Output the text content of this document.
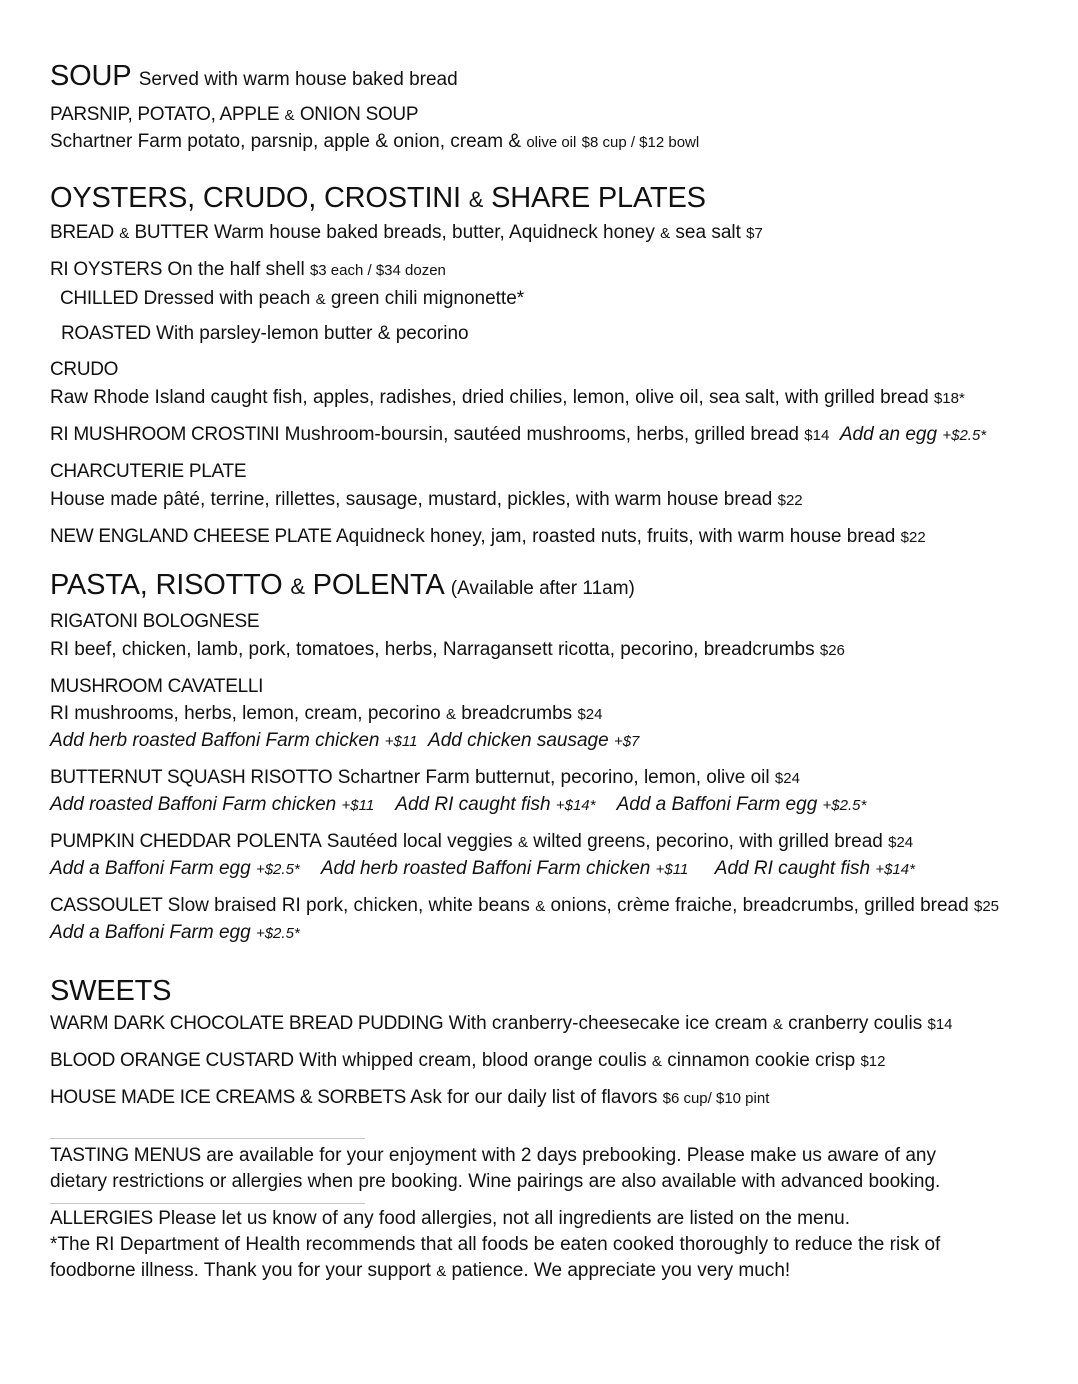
SOUP Served with warm house baked bread
PARSNIP, POTATO, APPLE & ONION SOUP
Schartner Farm potato, parsnip, apple & onion, cream & olive oil $8 cup / $12 bowl
OYSTERS, CRUDO, CROSTINI & SHARE PLATES
BREAD & BUTTER Warm house baked breads, butter, Aquidneck honey & sea salt $7
RI OYSTERS On the half shell $3 each / $34 dozen
CHILLED Dressed with peach & green chili mignonette*
ROASTED With parsley-lemon butter & pecorino
CRUDO
Raw Rhode Island caught fish, apples, radishes, dried chilies, lemon, olive oil, sea salt, with grilled bread $18*
RI MUSHROOM CROSTINI Mushroom-boursin, sautéed mushrooms, herbs, grilled bread $14 Add an egg +$2.5*
CHARCUTERIE PLATE
House made pâté, terrine, rillettes, sausage, mustard, pickles, with warm house bread $22
NEW ENGLAND CHEESE PLATE Aquidneck honey, jam, roasted nuts, fruits, with warm house bread $22
PASTA, RISOTTO & POLENTA (Available after 11am)
RIGATONI BOLOGNESE
RI beef, chicken, lamb, pork, tomatoes, herbs, Narragansett ricotta, pecorino, breadcrumbs $26
MUSHROOM CAVATELLI
RI mushrooms, herbs, lemon, cream, pecorino & breadcrumbs $24
Add herb roasted Baffoni Farm chicken +$11 Add chicken sausage +$7
BUTTERNUT SQUASH RISOTTO Schartner Farm butternut, pecorino, lemon, olive oil $24
Add roasted Baffoni Farm chicken +$11 Add RI caught fish +$14* Add a Baffoni Farm egg +$2.5*
PUMPKIN CHEDDAR POLENTA Sautéed local veggies & wilted greens, pecorino, with grilled bread $24
Add a Baffoni Farm egg +$2.5* Add herb roasted Baffoni Farm chicken +$11 Add RI caught fish +$14*
CASSOULET Slow braised RI pork, chicken, white beans & onions, crème fraiche, breadcrumbs, grilled bread $25
Add a Baffoni Farm egg +$2.5*
SWEETS
WARM DARK CHOCOLATE BREAD PUDDING With cranberry-cheesecake ice cream & cranberry coulis $14
BLOOD ORANGE CUSTARD With whipped cream, blood orange coulis & cinnamon cookie crisp $12
HOUSE MADE ICE CREAMS & SORBETS Ask for our daily list of flavors $6 cup/ $10 pint
TASTING MENUS are available for your enjoyment with 2 days prebooking. Please make us aware of any
dietary restrictions or allergies when pre booking. Wine pairings are also available with advanced booking.
ALLERGIES Please let us know of any food allergies, not all ingredients are listed on the menu.
*The RI Department of Health recommends that all foods be eaten cooked thoroughly to reduce the risk of
foodborne illness. Thank you for your support & patience. We appreciate you very much!
